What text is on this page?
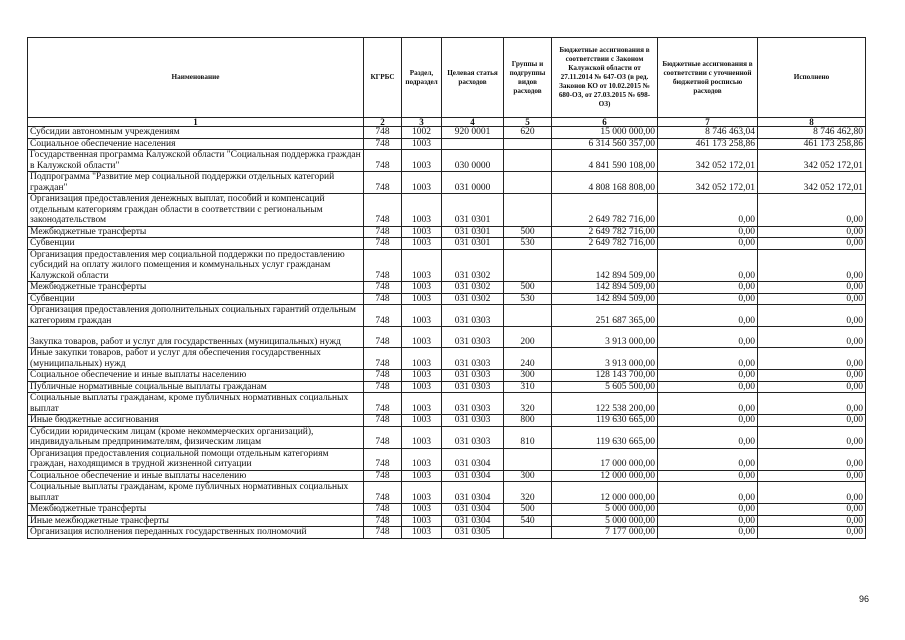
Наименование	КГРБС	Раздел, подраздел	Целевая статья расходов	Группы и подгруппы видов расходов	Бюджетные ассигнования в соответствии с Законом Калужской области от 27.11.2014 № 647-ОЗ (в ред. Законов КО от 10.02.2015 № 680-ОЗ, от 27.03.2015 № 698-ОЗ)	Бюджетные ассигнования в соответствии с уточненной бюджетной росписью расходов	Исполнено
1	2	3	4	5	6	7	8
Субсидии автономным учреждениям	748	1002	920 0001	620	15 000 000,00	8 746 463,04	8 746 462,80
Социальное обеспечение населения	748	1003			6 314 560 357,00	461 173 258,86	461 173 258,86
Государственная программа Калужской области "Социальная поддержка граждан в Калужской области"	748	1003	030 0000		4 841 590 108,00	342 052 172,01	342 052 172,01
Подпрограмма "Развитие мер социальной поддержки отдельных категорий граждан"	748	1003	031 0000		4 808 168 808,00	342 052 172,01	342 052 172,01
Организация предоставления денежных выплат, пособий и компенсаций отдельным категориям граждан области в соответствии с региональным законодательством	748	1003	031 0301		2 649 782 716,00	0,00	0,00
Межбюджетные трансферты	748	1003	031 0301	500	2 649 782 716,00	0,00	0,00
Субвенции	748	1003	031 0301	530	2 649 782 716,00	0,00	0,00
Организация предоставления мер социальной поддержки по предоставлению субсидий на оплату жилого помещения и коммунальных услуг гражданам Калужской области	748	1003	031 0302		142 894 509,00	0,00	0,00
Межбюджетные трансферты	748	1003	031 0302	500	142 894 509,00	0,00	0,00
Субвенции	748	1003	031 0302	530	142 894 509,00	0,00	0,00
Организация предоставления дополнительных социальных гарантий отдельным категориям граждан	748	1003	031 0303		251 687 365,00	0,00	0,00
Закупка товаров, работ и услуг для государственных (муниципальных) нужд	748	1003	031 0303	200	3 913 000,00	0,00	0,00
Иные закупки товаров, работ и услуг для обеспечения государственных (муниципальных) нужд	748	1003	031 0303	240	3 913 000,00	0,00	0,00
Социальное обеспечение и иные выплаты населению	748	1003	031 0303	300	128 143 700,00	0,00	0,00
Публичные нормативные социальные выплаты гражданам	748	1003	031 0303	310	5 605 500,00	0,00	0,00
Социальные выплаты гражданам, кроме публичных нормативных социальных выплат	748	1003	031 0303	320	122 538 200,00	0,00	0,00
Иные бюджетные ассигнования	748	1003	031 0303	800	119 630 665,00	0,00	0,00
Субсидии юридическим лицам (кроме некоммерческих организаций), индивидуальным предпринимателям, физическим лицам	748	1003	031 0303	810	119 630 665,00	0,00	0,00
Организация предоставления социальной помощи отдельным категориям граждан, находящимся в трудной жизненной ситуации	748	1003	031 0304		17 000 000,00	0,00	0,00
Социальное обеспечение и иные выплаты населению	748	1003	031 0304	300	12 000 000,00	0,00	0,00
Социальные выплаты гражданам, кроме публичных нормативных социальных выплат	748	1003	031 0304	320	12 000 000,00	0,00	0,00
Межбюджетные трансферты	748	1003	031 0304	500	5 000 000,00	0,00	0,00
Иные межбюджетные трансферты	748	1003	031 0304	540	5 000 000,00	0,00	0,00
Организация исполнения переданных государственных полномочий	748	1003	031 0305		7 177 000,00	0,00	0,00
96
